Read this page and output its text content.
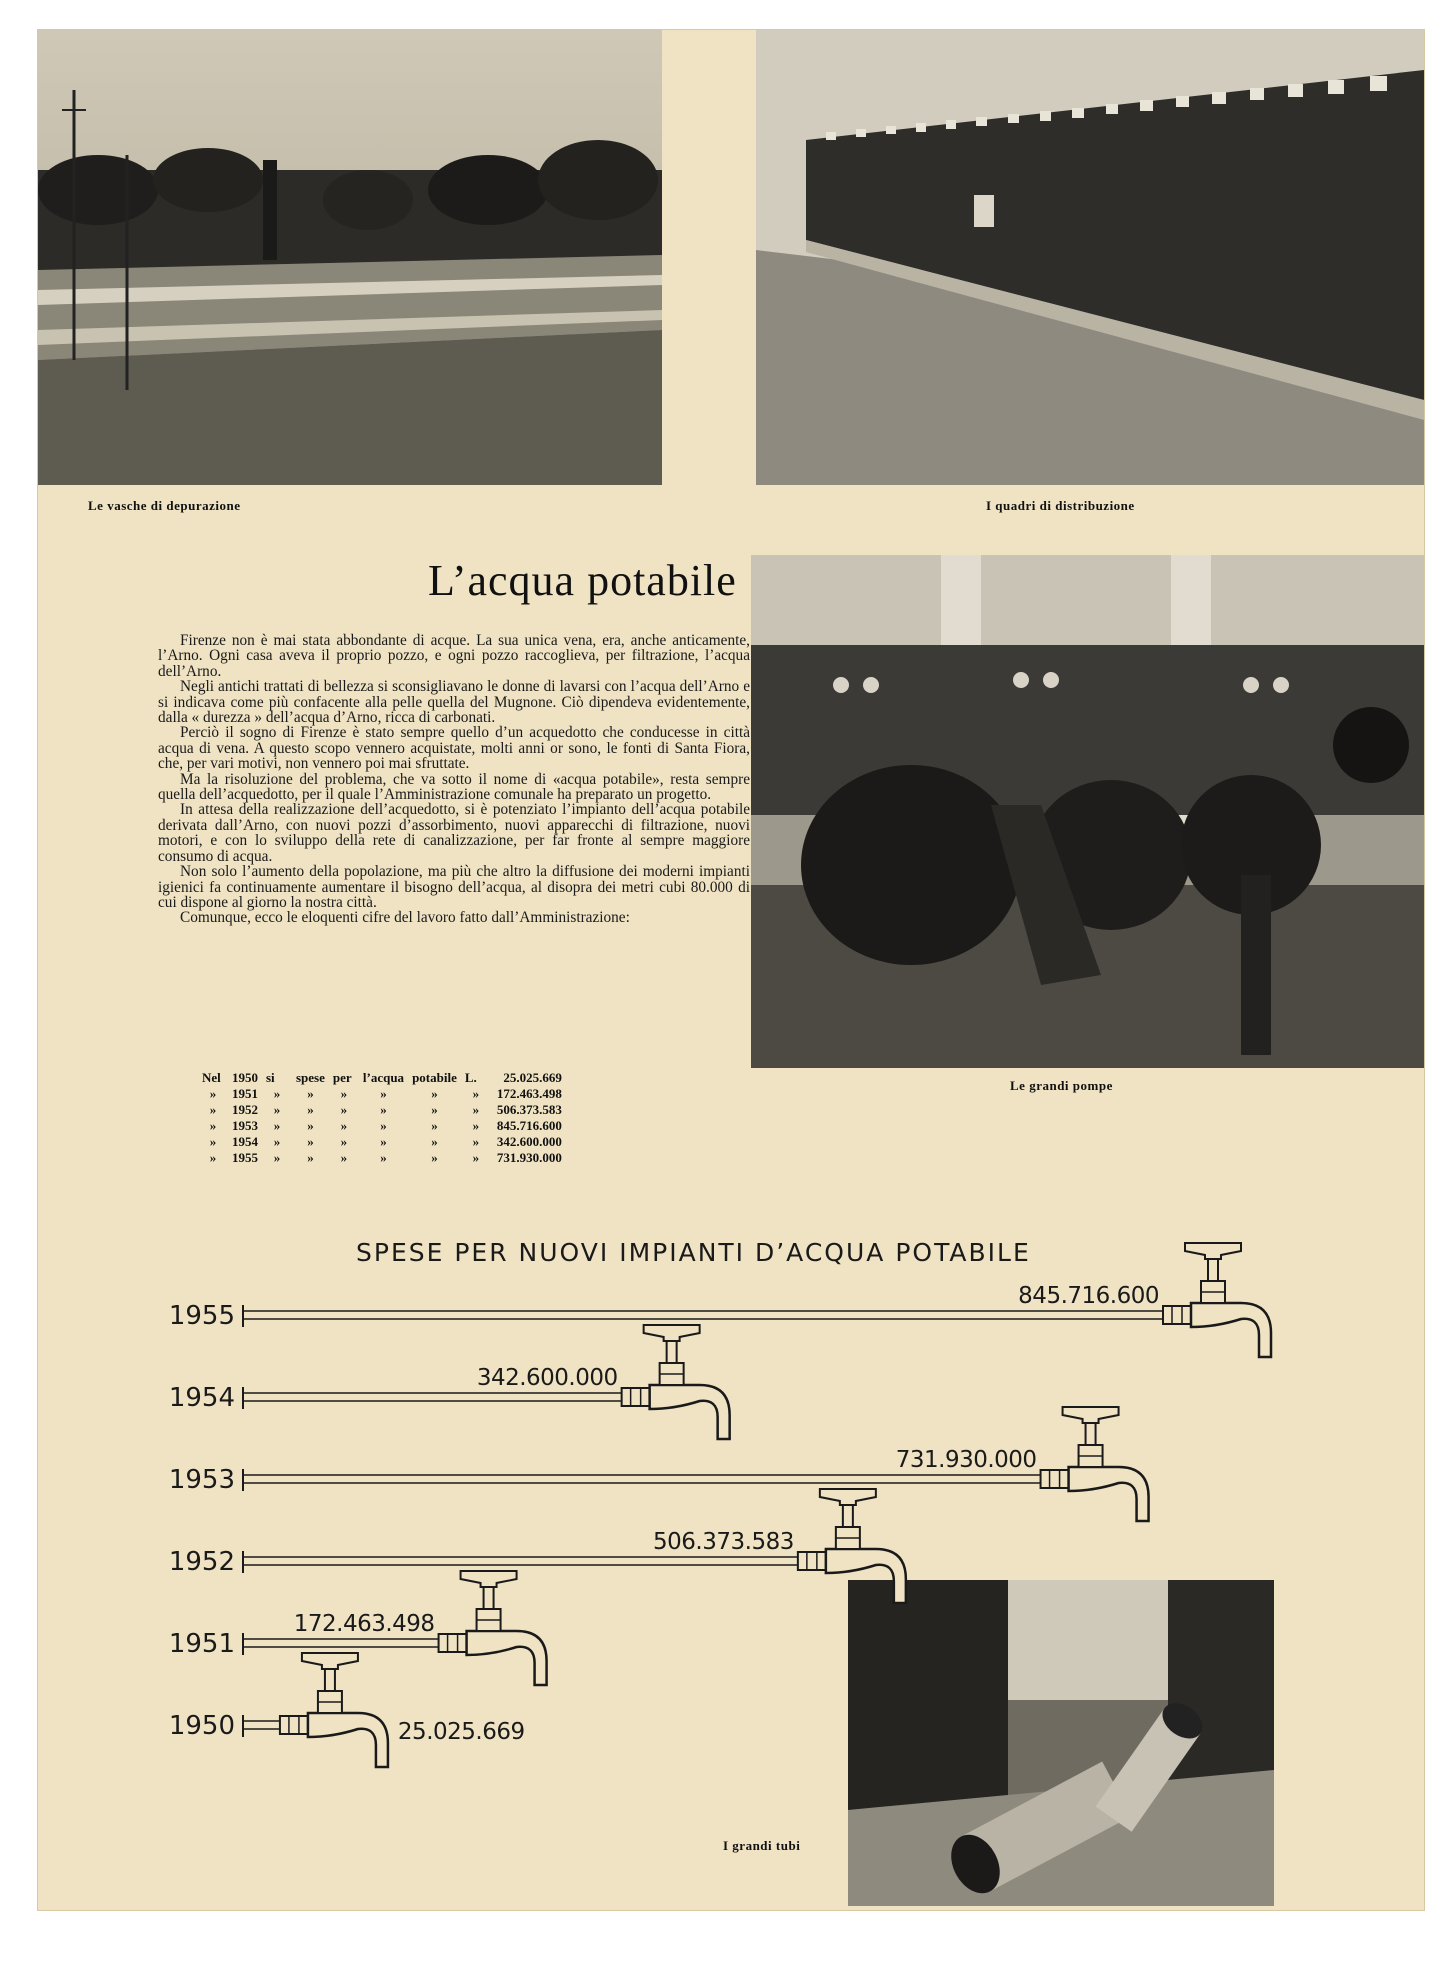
Le vasche di depurazione	I quadri di distribuzione
L’acqua potabile

Firenze non è mai stata abbondante di acque. La sua unica vena, era, anche anticamente, l’Arno. Ogni casa aveva il proprio pozzo, e ogni pozzo raccoglieva, per filtrazione, l’acqua dell’Arno.

Negli antichi trattati di bellezza si sconsigliavano le donne di lavarsi con l’acqua dell’Arno e si indicava come più confacente alla pelle quella del Mugnone. Ciò dipendeva evidentemente, dalla « durezza » dell’acqua d’Arno, ricca di carbonati.

Perciò il sogno di Firenze è stato sempre quello d’un acquedotto che conducesse in città acqua di vena. A questo scopo vennero acquistate, molti anni or sono, le fonti di Santa Fiora, che, per vari motivi, non vennero poi mai sfruttate.

Ma la risoluzione del problema, che va sotto il nome di «acqua potabile», resta sempre quella dell’acquedotto, per il quale l’Amministrazione comunale ha preparato un progetto.

In attesa della realizzazione dell’acquedotto, si è potenziato l’impianto dell’acqua potabile derivata dall’Arno, con nuovi pozzi d’assorbimento, nuovi apparecchi di filtrazione, nuovi motori, e con lo sviluppo della rete di canalizzazione, per far fronte al sempre maggiore consumo di acqua.

Non solo l’aumento della popolazione, ma più che altro la diffusione dei moderni impianti igienici fa continuamente aumentare il bisogno dell’acqua, al disopra dei metri cubi 80.000 di cui dispone al giorno la nostra città.

Comunque, ecco le eloquenti cifre del lavoro fatto dall’Amministrazione:

Nel	1950	si	spese	per	l’acqua	potabile	L.	25.025.669
»	1951	»	»	»	»	»	»	172.463.498
»	1952	»	»	»	»	»	»	506.373.583
»	1953	»	»	»	»	»	»	845.716.600
»	1954	»	»	»	»	»	»	342.600.000
»	1955	»	»	»	»	»	»	731.930.000
Le grandi pompe
SPESE PER NUOVI IMPIANTI D’ACQUA POTABILE
I grandi tubi
1955
845.716.600
1954
342.600.000
1953
731.930.000
1952
506.373.583
1951
172.463.498
1950	25.025.669
